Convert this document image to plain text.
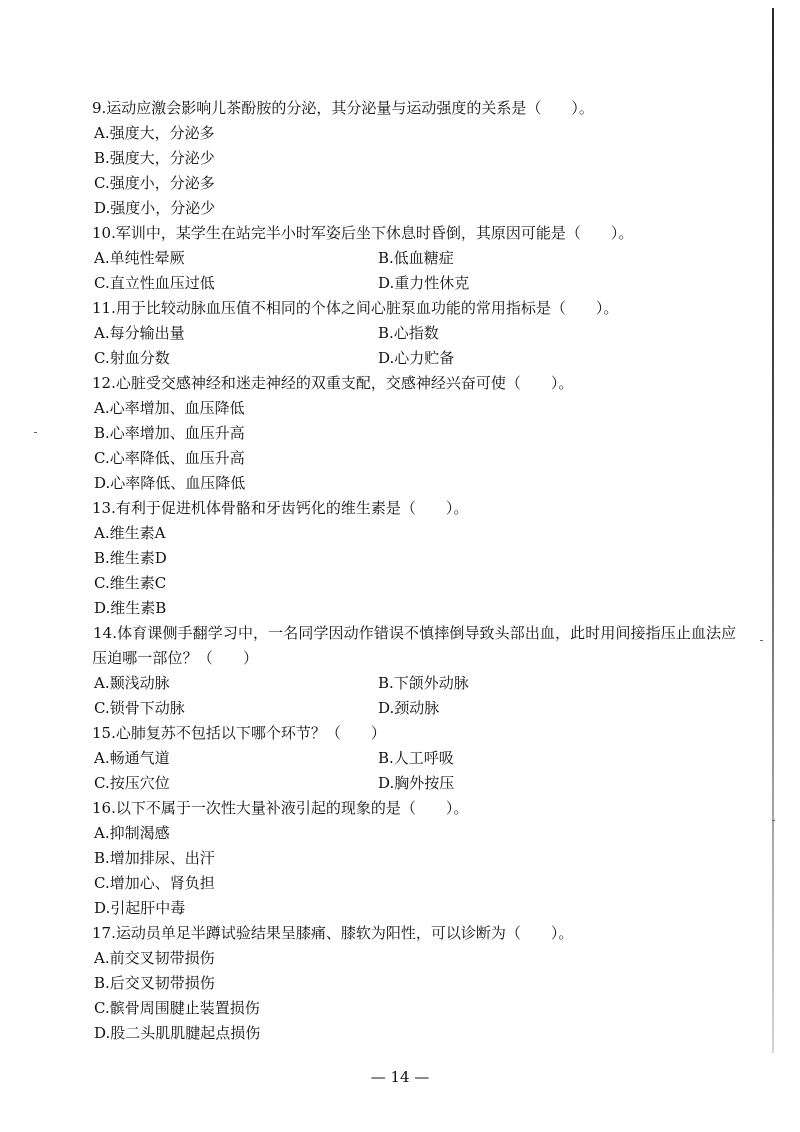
9.运动应激会影响儿茶酚胺的分泌，其分泌量与运动强度的关系是（　　）。
A.强度大，分泌多
B.强度大，分泌少
C.强度小，分泌多
D.强度小，分泌少
10.军训中，某学生在站完半小时军姿后坐下休息时昏倒，其原因可能是（　　）。
A.单纯性晕厥	B.低血糖症
C.直立性血压过低	D.重力性休克
11.用于比较动脉血压值不相同的个体之间心脏泵血功能的常用指标是（　　）。
A.每分输出量	B.心指数
C.射血分数	D.心力贮备
12.心脏受交感神经和迷走神经的双重支配，交感神经兴奋可使（　　）。
A.心率增加、血压降低
B.心率增加、血压升高
C.心率降低、血压升高
D.心率降低、血压降低
13.有利于促进机体骨骼和牙齿钙化的维生素是（　　）。
A.维生素A
B.维生素D
C.维生素C
D.维生素B
14.体育课侧手翻学习中，一名同学因动作错误不慎摔倒导致头部出血，此时用间接指压止血法应压迫哪一部位？（　　）
A.颞浅动脉	B.下颌外动脉
C.锁骨下动脉	D.颈动脉
15.心肺复苏不包括以下哪个环节？（　　）
A.畅通气道	B.人工呼吸
C.按压穴位	D.胸外按压
16.以下不属于一次性大量补液引起的现象的是（　　）。
A.抑制渴感
B.增加排尿、出汗
C.增加心、肾负担
D.引起肝中毒
17.运动员单足半蹲试验结果呈膝痛、膝软为阳性，可以诊断为（　　）。
A.前交叉韧带损伤
B.后交叉韧带损伤
C.髌骨周围腱止装置损伤
D.股二头肌肌腱起点损伤
— 14 —
